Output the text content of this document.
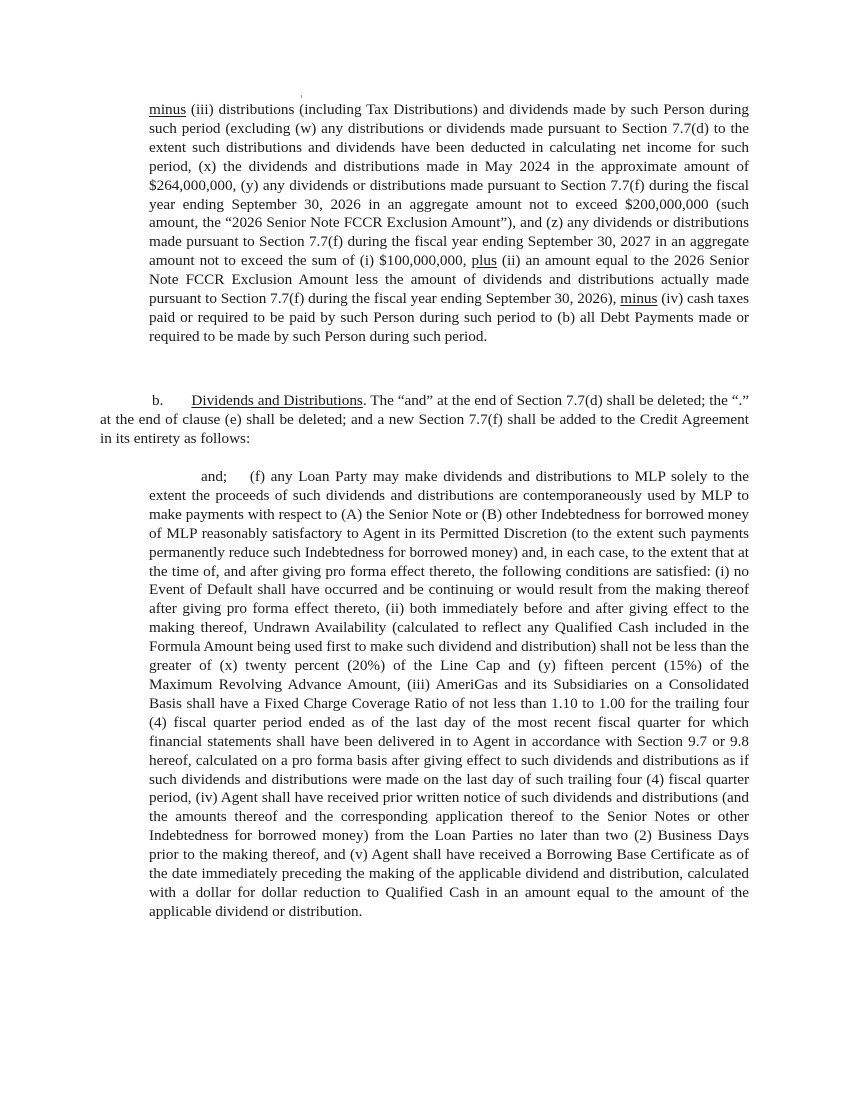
minus (iii) distributions (including Tax Distributions) and dividends made by such Person during such period (excluding (w) any distributions or dividends made pursuant to Section 7.7(d) to the extent such distributions and dividends have been deducted in calculating net income for such period, (x) the dividends and distributions made in May 2024 in the approximate amount of $264,000,000, (y) any dividends or distributions made pursuant to Section 7.7(f) during the fiscal year ending September 30, 2026 in an aggregate amount not to exceed $200,000,000 (such amount, the “2026 Senior Note FCCR Exclusion Amount”), and (z) any dividends or distributions made pursuant to Section 7.7(f) during the fiscal year ending September 30, 2027 in an aggregate amount not to exceed the sum of (i) $100,000,000, plus (ii) an amount equal to the 2026 Senior Note FCCR Exclusion Amount less the amount of dividends and distributions actually made pursuant to Section 7.7(f) during the fiscal year ending September 30, 2026), minus (iv) cash taxes paid or required to be paid by such Person during such period to (b) all Debt Payments made or required to be made by such Person during such period.

b. Dividends and Distributions. The “and” at the end of Section 7.7(d) shall be deleted; the “.” at the end of clause (e) shall be deleted; and a new Section 7.7(f) shall be added to the Credit Agreement in its entirety as follows:

and; (f) any Loan Party may make dividends and distributions to MLP solely to the extent the proceeds of such dividends and distributions are contemporaneously used by MLP to make payments with respect to (A) the Senior Note or (B) other Indebtedness for borrowed money of MLP reasonably satisfactory to Agent in its Permitted Discretion (to the extent such payments permanently reduce such Indebtedness for borrowed money) and, in each case, to the extent that at the time of, and after giving pro forma effect thereto, the following conditions are satisfied: (i) no Event of Default shall have occurred and be continuing or would result from the making thereof after giving pro forma effect thereto, (ii) both immediately before and after giving effect to the making thereof, Undrawn Availability (calculated to reflect any Qualified Cash included in the Formula Amount being used first to make such dividend and distribution) shall not be less than the greater of (x) twenty percent (20%) of the Line Cap and (y) fifteen percent (15%) of the Maximum Revolving Advance Amount, (iii) AmeriGas and its Subsidiaries on a Consolidated Basis shall have a Fixed Charge Coverage Ratio of not less than 1.10 to 1.00 for the trailing four (4) fiscal quarter period ended as of the last day of the most recent fiscal quarter for which financial statements shall have been delivered in to Agent in accordance with Section 9.7 or 9.8 hereof, calculated on a pro forma basis after giving effect to such dividends and distributions as if such dividends and distributions were made on the last day of such trailing four (4) fiscal quarter period, (iv) Agent shall have received prior written notice of such dividends and distributions (and the amounts thereof and the corresponding application thereof to the Senior Notes or other Indebtedness for borrowed money) from the Loan Parties no later than two (2) Business Days prior to the making thereof, and (v) Agent shall have received a Borrowing Base Certificate as of the date immediately preceding the making of the applicable dividend and distribution, calculated with a dollar for dollar reduction to Qualified Cash in an amount equal to the amount of the applicable dividend or distribution.
